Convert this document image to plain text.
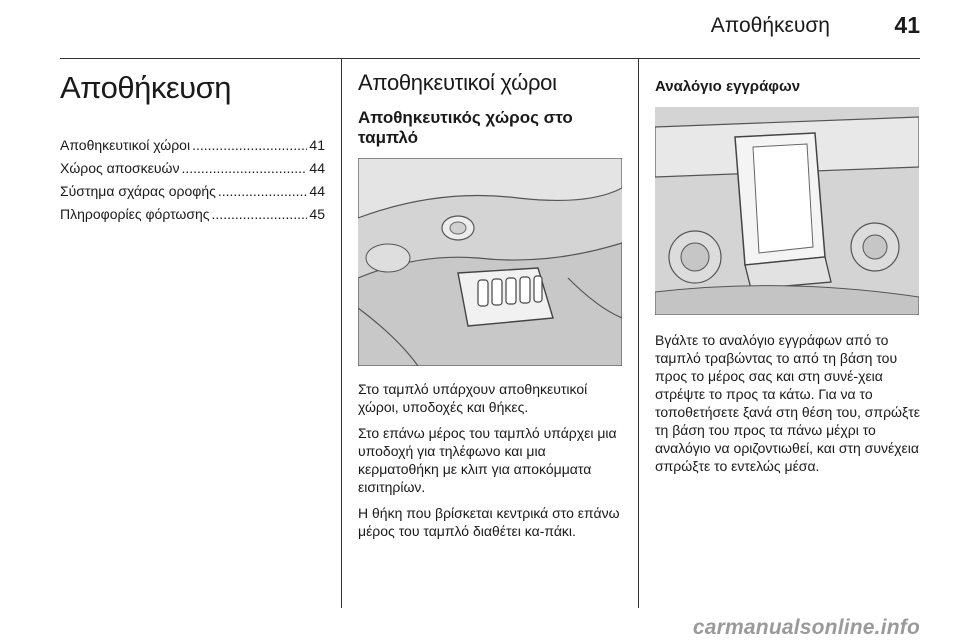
Αποθήκευση	41
Αποθήκευση
Αποθηκευτικοί χώροι .....	41
Χώρος αποσκευών .....	44
Σύστημα σχάρας οροφής .....	44
Πληροφορίες φόρτωσης .....	45
Αποθηκευτικοί χώροι
Αποθηκευτικός χώρος στο ταμπλό

Στο ταμπλό υπάρχουν αποθηκευτικοί χώροι, υποδοχές και θήκες.

Στο επάνω μέρος του ταμπλό υπάρχει μια υποδοχή για τηλέφωνο και μια κερματοθήκη με κλιπ για αποκόμματα εισιτηρίων.

Η θήκη που βρίσκεται κεντρικά στο επάνω μέρος του ταμπλό διαθέτει κα-πάκι.

Αναλόγιο εγγράφων

Βγάλτε το αναλόγιο εγγράφων από το ταμπλό τραβώντας το από τη βάση του προς το μέρος σας και στη συνέ-χεια στρέψτε το προς τα κάτω. Για να το τοποθετήσετε ξανά στη θέση του, σπρώξτε τη βάση του προς τα πάνω μέχρι το αναλόγιο να οριζοντιωθεί, και στη συνέχεια σπρώξτε το εντελώς μέσα.

carmanualsonline.info
